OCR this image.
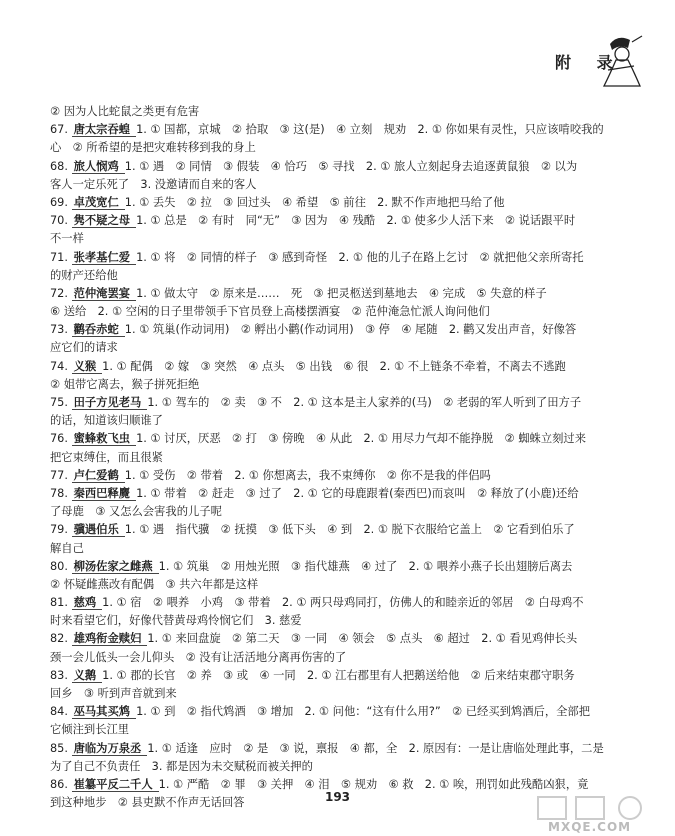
附 录
② 因为人比蛇鼠之类更有危害
67. 唐太宗吞蝗 1. ① 国都，京城　② 拾取　③ 这(是)　④ 立刻　规劝　2. ① 你如果有灵性，只应该啃咬我的
心　② 所希望的是把灾难转移到我的身上
68. 旅人悯鸡 1. ① 遇　② 同情　③ 假装　④ 恰巧　⑤ 寻找　2. ① 旅人立刻起身去追逐黄鼠狼　② 以为
客人一定乐死了　3. 没邀请而自来的客人
69. 卓茂宽仁 1. ① 丢失　② 拉　③ 回过头　④ 希望　⑤ 前往　2. 默不作声地把马给了他
70. 隽不疑之母 1. ① 总是　② 有时　同“无”　③ 因为　④ 残酷　2. ① 使多少人活下来　② 说话跟平时
不一样
71. 张孝基仁爱 1. ① 将　② 同情的样子　③ 感到奇怪　2. ① 他的儿子在路上乞讨　② 就把他父亲所寄托
的财产还给他
72. 范仲淹罢宴 1. ① 做太守　② 原来是……　死　③ 把灵柩送到墓地去　④ 完成　⑤ 失意的样子
⑥ 送给　2. ① 空闲的日子里带领手下官员登上高楼摆酒宴　② 范仲淹急忙派人询问他们
73. 鹳呑赤蛇 1. ① 筑巢(作动词用)　② 孵出小鹳(作动词用)　③ 停　④ 尾随　2. 鹳又发出声音，好像答
应它们的请求
74. 义猴 1. ① 配偶　② 嫁　③ 突然　④ 点头　⑤ 出钱　⑥ 很　2. ① 不上链条不牵着，不离去不逃跑
② 姐带它离去，猴子拼死拒绝
75. 田子方见老马 1. ① 驾车的　② 卖　③ 不　2. ① 这本是主人家养的(马)　② 老弱的军人听到了田方子
的话，知道该归顺谁了
76. 蜜蜂救飞虫 1. ① 讨厌，厌恶　② 打　③ 傍晚　④ 从此　2. ① 用尽力气却不能挣脱　② 蜘蛛立刻过来
把它束缚住，而且很紧
77. 卢仁爱鹤 1. ① 受伤　② 带着　2. ① 你想离去，我不束缚你　② 你不是我的伴侣吗
78. 秦西巴释麑 1. ① 带着　② 赶走　③ 过了　2. ① 它的母鹿跟着(秦西巴)而哀叫　② 释放了(小鹿)还给
了母鹿　③ 又怎么会害我的儿子呢
79. 骥遇伯乐 1. ① 遇　指代骥　② 抚摸　③ 低下头　④ 到　2. ① 脱下衣服给它盖上　② 它看到伯乐了
解自己
80. 柳汤佐家之雌燕 1. ① 筑巢　② 用烛光照　③ 指代雄燕　④ 过了　2. ① 喂养小燕子长出翅膀后离去
② 怀疑雌燕改有配偶　③ 共六年都是这样
81. 慈鸡 1. ① 宿　② 喂养　小鸡　③ 带着　2. ① 两只母鸡同打，仿佛人的和睦亲近的邻居　② 白母鸡不
时来看望它们，好像代替黄母鸡怜悯它们　3. 慈爱
82. 雄鸡衔金赎妇 1. ① 来回盘旋　② 第二天　③ 一同　④ 领会　⑤ 点头　⑥ 超过　2. ① 看见鸡伸长头
颈一会儿低头一会儿仰头　② 没有让活活地分离再伤害的了
83. 义鹅 1. ① 郡的长官　② 养　③ 或　④ 一同　2. ① 江右郡里有人把鹅送给他　② 后来结束郡守职务
回乡　③ 听到声音就到来
84. 巫马其买鸩 1. ① 到　② 指代鸩酒　③ 增加　2. ① 问他：“这有什么用?”　② 已经买到鸩酒后，全部把
它倾注到长江里
85. 唐临为万泉丞 1. ① 适逢　应时　② 是　③ 说，禀报　④ 都，全　2. 原因有：一是让唐临处理此事，二是
为了自己不负责任　3. 都是因为未交赋税而被关押的
86. 崔簒平反二千人 1. ① 严酷　② 罪　③ 关押　④ 泪　⑤ 规劝　⑥ 救　2. ① 唉，刑罚如此残酷凶狠，竟
到这种地步　② 县吏默不作声无话回答	193
MXQE.COM
